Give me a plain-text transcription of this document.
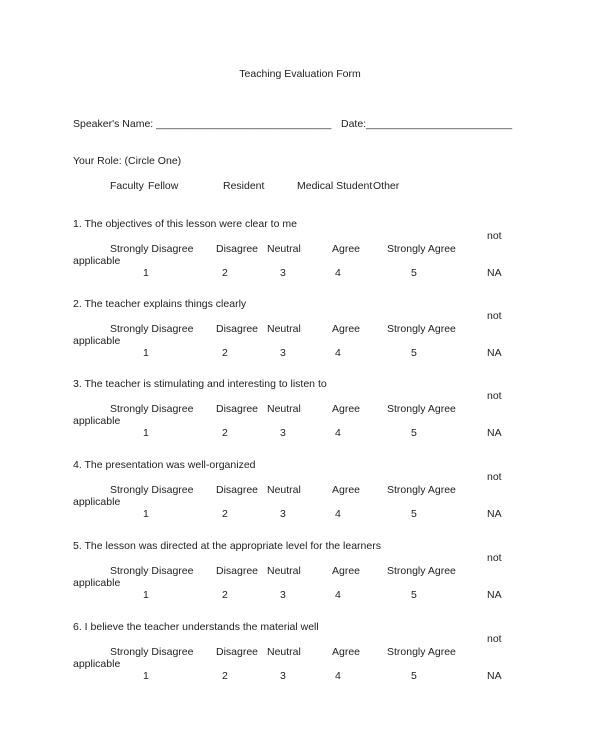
Teaching Evaluation Form
Speaker's Name: ______________________________ Date:_________________________
Your Role: (Circle One)
Faculty Fellow	Resident	Medical Student Other
1. The objectives of this lesson were clear to me
not
Strongly Disagree Disagree Neutral	Agree	Strongly Agree
applicable
1	2	3	4	5	NA
2. The teacher explains things clearly
not
Strongly Disagree Disagree Neutral	Agree	Strongly Agree
applicable
1	2	3	4	5	NA
3. The teacher is stimulating and interesting to listen to
not
Strongly Disagree Disagree Neutral	Agree	Strongly Agree
applicable
1	2	3	4	5	NA
4. The presentation was well-organized
not
Strongly Disagree Disagree Neutral	Agree	Strongly Agree
applicable
1	2	3	4	5	NA
5. The lesson was directed at the appropriate level for the learners
not
Strongly Disagree Disagree Neutral	Agree	Strongly Agree
applicable
1	2	3	4	5	NA
6. I believe the teacher understands the material well
not
Strongly Disagree Disagree Neutral	Agree	Strongly Agree
applicable
1	2	3	4	5	NA
